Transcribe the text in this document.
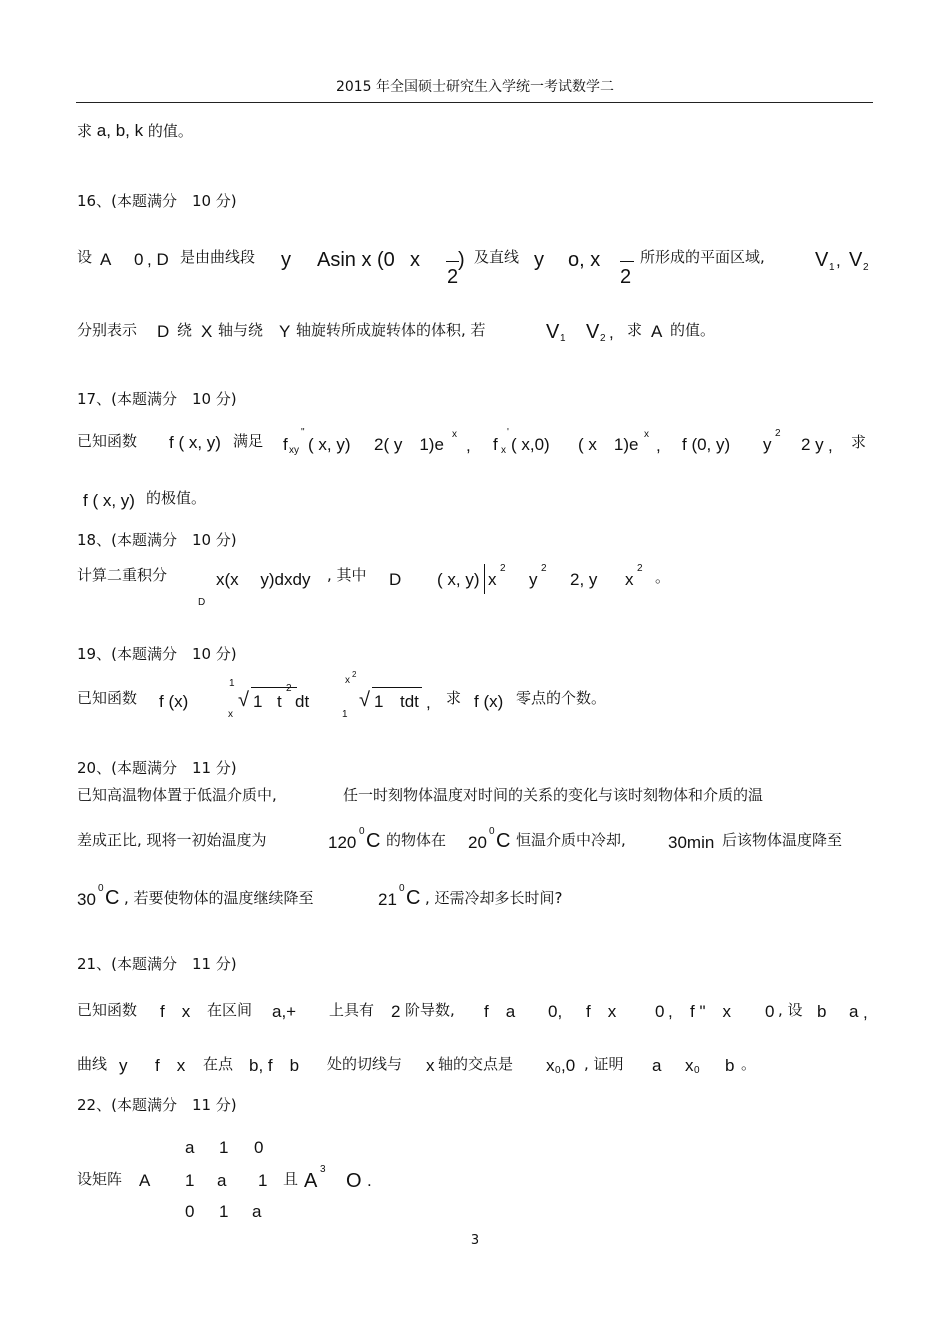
2015 年全国硕士研究生入学统一考试数学二
求 a, b, k 的值。
16、(本题满分　10 分)
设 A 0 , D 是由曲线段 y Asin x (0 x )
2
及直线 y o, x
2
所形成的平面区域,	V 1 , V 2
分别表示 D 绕 X 轴与绕 Y 轴旋转所成旋转体的体积, 若	V 1 V 2 , 求 A 的值。
17、(本题满分　10 分)
已知函数 f ( x, y) 满足 f xy
"
( x, y) 2( y　1)e
x
, f x
'
( x,0) ( x　1)e
x
, f (0, y) y
2
2 y , 求
f ( x, y) 的极值。
18、(本题满分　10 分)
计算二重积分
D
x(x　 y)dxdy , 其中 D ( x, y) x
2
y
2
2, y x
2 。
19、(本题满分　10 分)
已知函数 f (x)
1
x
√ 1 t
2
dt
x
2
1
√ 1 tdt , 求 f (x) 零点的个数。
20、(本题满分　11 分)
已知高温物体置于低温介质中,	任一时刻物体温度对时间的关系的变化与该时刻物体和介质的温
差成正比, 现将一初始温度为	120
0 C 的物体在 20
0 C 恒温介质中冷却, 30min 后该物体温度降至
30
0 C , 若要使物体的温度继续降至	21
0 C , 还需冷却多长时间?
21、(本题满分　11 分)
已知函数 f　x 在区间 a,+ 上具有 2 阶导数, f　a 0, f　x 0 , f "　x 0 , 设 b a ,
曲线 y f　x 在点 b, f　b 处的切线与 x 轴的交点是 x 0 ,0 , 证明 a x 0 b 。
22、(本题满分　11 分)
a 1 0
1 a 1
0 1 a
设矩阵 A	且 A
3
O .
3
